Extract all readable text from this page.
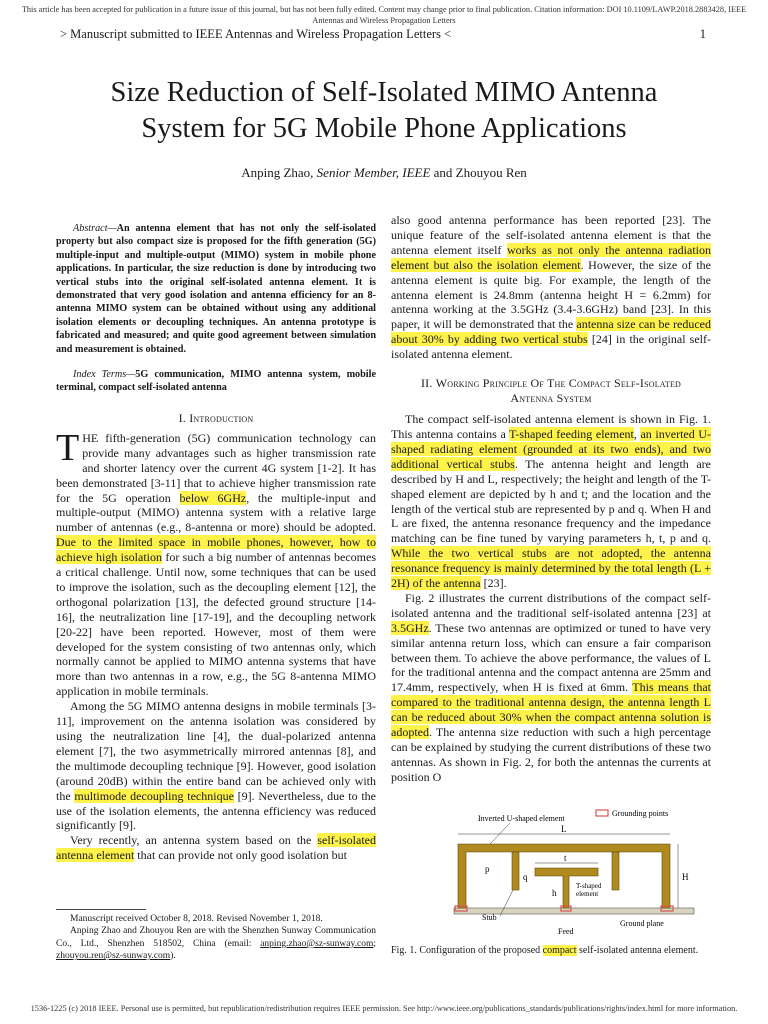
This article has been accepted for publication in a future issue of this journal, but has not been fully edited. Content may change prior to final publication. Citation information: DOI 10.1109/LAWP.2018.2883428, IEEE
Antennas and Wireless Propagation Letters
> Manuscript submitted to IEEE Antennas and Wireless Propagation Letters <	1
Size Reduction of Self-Isolated MIMO Antenna
System for 5G Mobile Phone Applications
Anping Zhao, Senior Member, IEEE and Zhouyou Ren
Abstract—An antenna element that has not only the self-isolated property but also compact size is proposed for the fifth generation (5G) multiple-input and multiple-output (MIMO) system in mobile phone applications. In particular, the size reduction is done by introducing two vertical stubs into the original self-isolated antenna element. It is demonstrated that very good isolation and antenna efficiency for an 8-antenna MIMO system can be obtained without using any additional isolation elements or decoupling techniques. An antenna prototype is fabricated and measured; and quite good agreement between simulation and measurement is obtained.
Index Terms—5G communication, MIMO antenna system, mobile terminal, compact self-isolated antenna
I. Introduction

THE fifth-generation (5G) communication technology can provide many advantages such as higher transmission rate and shorter latency over the current 4G system [1-2]. It has been demonstrated [3-11] that to achieve higher transmission rate for the 5G operation below 6GHz, the multiple-input and multiple-output (MIMO) antenna system with a relative large number of antennas (e.g., 8-antenna or more) should be adopted. Due to the limited space in mobile phones, however, how to achieve high isolation for such a big number of antennas becomes a critical challenge. Until now, some techniques that can be used to improve the isolation, such as the decoupling element [12], the orthogonal polarization [13], the defected ground structure [14-16], the neutralization line [17-19], and the decoupling network [20-22] have been reported. However, most of them were developed for the system consisting of two antennas only, which normally cannot be applied to MIMO antenna systems that have more than two antennas in a row, e.g., the 5G 8-antenna MIMO application in mobile terminals.

Among the 5G MIMO antenna designs in mobile terminals [3-11], improvement on the antenna isolation was considered by using the neutralization line [4], the dual-polarized antenna element [7], the two asymmetrically mirrored antennas [8], and the multimode decoupling technique [9]. However, good isolation (around 20dB) within the entire band can be achieved only with the multimode decoupling technique [9]. Nevertheless, due to the use of the isolation elements, the antenna efficiency was reduced significantly [9].

Very recently, an antenna system based on the self-isolated antenna element that can provide not only good isolation but

Manuscript received October 8, 2018. Revised November 1, 2018.

Anping Zhao and Zhouyou Ren are with the Shenzhen Sunway Communication Co., Ltd., Shenzhen 518502, China (email: anping.zhao@sz-sunway.com; zhouyou.ren@sz-sunway.com).

also good antenna performance has been reported [23]. The unique feature of the self-isolated antenna element is that the antenna element itself works as not only the antenna radiation element but also the isolation element. However, the size of the antenna element is quite big. For example, the length of the antenna element is 24.8mm (antenna height H = 6.2mm) for antenna working at the 3.5GHz (3.4-3.6GHz) band [23]. In this paper, it will be demonstrated that the antenna size can be reduced about 30% by adding two vertical stubs [24] in the original self-isolated antenna element.

II. Working Principle Of The Compact Self-Isolated
Antenna System

The compact self-isolated antenna element is shown in Fig. 1. This antenna contains a T-shaped feeding element, an inverted U-shaped radiating element (grounded at its two ends), and two additional vertical stubs. The antenna height and length are described by H and L, respectively; the height and length of the T-shaped element are depicted by h and t; and the location and the length of the vertical stub are represented by p and q. When H and L are fixed, the antenna resonance frequency and the impedance matching can be fine tuned by varying parameters h, t, p and q. While the two vertical stubs are not adopted, the antenna resonance frequency is mainly determined by the total length (L + 2H) of the antenna [23].

Fig. 2 illustrates the current distributions of the compact self-isolated antenna and the traditional self-isolated antenna [23] at 3.5GHz. These two antennas are optimized or tuned to have very similar antenna return loss, which can ensure a fair comparison between them. To achieve the above performance, the values of L for the traditional antenna and the compact antenna are 25mm and 17.4mm, respectively, when H is fixed at 6mm. This means that compared to the traditional antenna design, the antenna length L can be reduced about 30% when the compact antenna solution is adopted. The antenna size reduction with such a high percentage can be explained by studying the current distributions of these two antennas. As shown in Fig. 2, for both the antennas the currents at position O

Grounding points
Inverted U-shaped element
L
t
p
q	H
h
T-shaped
element
Stub
Feed
Ground plane
Fig. 1. Configuration of the proposed compact self-isolated antenna element.
1536-1225 (c) 2018 IEEE. Personal use is permitted, but republication/redistribution requires IEEE permission. See http://www.ieee.org/publications_standards/publications/rights/index.html for more information.
